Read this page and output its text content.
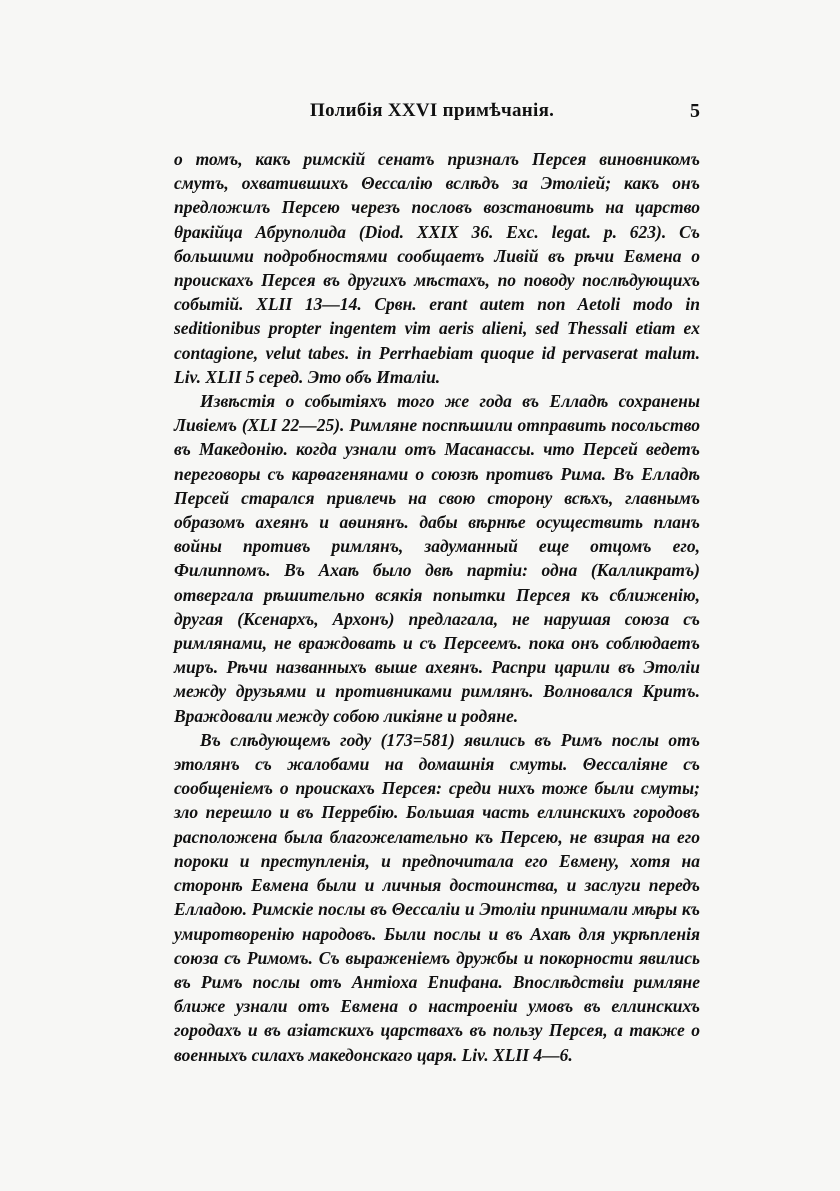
Полибія XXVI примѣчанія.	5

о томъ, какъ римскій сенатъ призналъ Персея виновникомъ смутъ, охватившихъ Θессалію вслѣдъ за Этоліей; какъ онъ предложилъ Персею черезъ пословъ возстановить на царство θракійца Абруполида (Diod. XXIX 36. Exc. legat. p. 623). Съ большими подробностями сообщаетъ Ливій въ рѣчи Евмена о проискахъ Персея въ другихъ мѣстахъ, по поводу послѣдующихъ событій. XLII 13—14. Срвн. erant autem non Aetoli modo in seditionibus propter ingentem vim aeris alieni, sed Thessali etiam ex contagione, velut tabes. in Perrhaebiam quoque id pervaserat malum. Liv. XLII 5 серед. Это объ Италіи.

Извѣстія о событіяхъ того же года въ Елладѣ сохранены Ливіемъ (XLI 22—25). Римляне поспѣшили отправить посольство въ Македонію. когда узнали отъ Масанассы. что Персей ведетъ переговоры съ карѳагенянами о союзѣ противъ Рима. Въ Елладѣ Персей старался привлечь на свою сторону всѣхъ, главнымъ образомъ ахеянъ и аѳинянъ. дабы вѣрнѣе осуществить планъ войны противъ римлянъ, задуманный еще отцомъ его, Филиппомъ. Въ Ахаѣ было двѣ партіи: одна (Калликратъ) отвергала рѣшительно всякія попытки Персея къ сближенію, другая (Ксенархъ, Архонъ) предлагала, не нарушая союза съ римлянами, не враждовать и съ Персеемъ. пока онъ соблюдаетъ миръ. Рѣчи названныхъ выше ахеянъ. Распри царили въ Этоліи между друзьями и противниками римлянъ. Волновался Критъ. Враждовали между собою ликіяне и родяне.

Въ слѣдующемъ году (173=581) явились въ Римъ послы отъ этолянъ съ жалобами на домашнія смуты. Θессаліяне съ сообщеніемъ о проискахъ Персея: среди нихъ тоже были смуты; зло перешло и въ Перребію. Большая часть еллинскихъ городовъ расположена была благожелательно къ Персею, не взирая на его пороки и преступленія, и предпочитала его Евмену, хотя на сторонѣ Евмена были и личныя достоинства, и заслуги передъ Елладою. Римскіе послы въ Θессаліи и Этоліи принимали мѣры къ умиротворенію народовъ. Были послы и въ Ахаѣ для укрѣпленія союза съ Римомъ. Съ выраженіемъ дружбы и покорности явились въ Римъ послы отъ Антіоха Епифана. Впослѣдствіи римляне ближе узнали отъ Евмена о настроеніи умовъ въ еллинскихъ городахъ и въ азіатскихъ царствахъ въ пользу Персея, а также о военныхъ силахъ македонскаго царя. Liv. XLII 4—6.
